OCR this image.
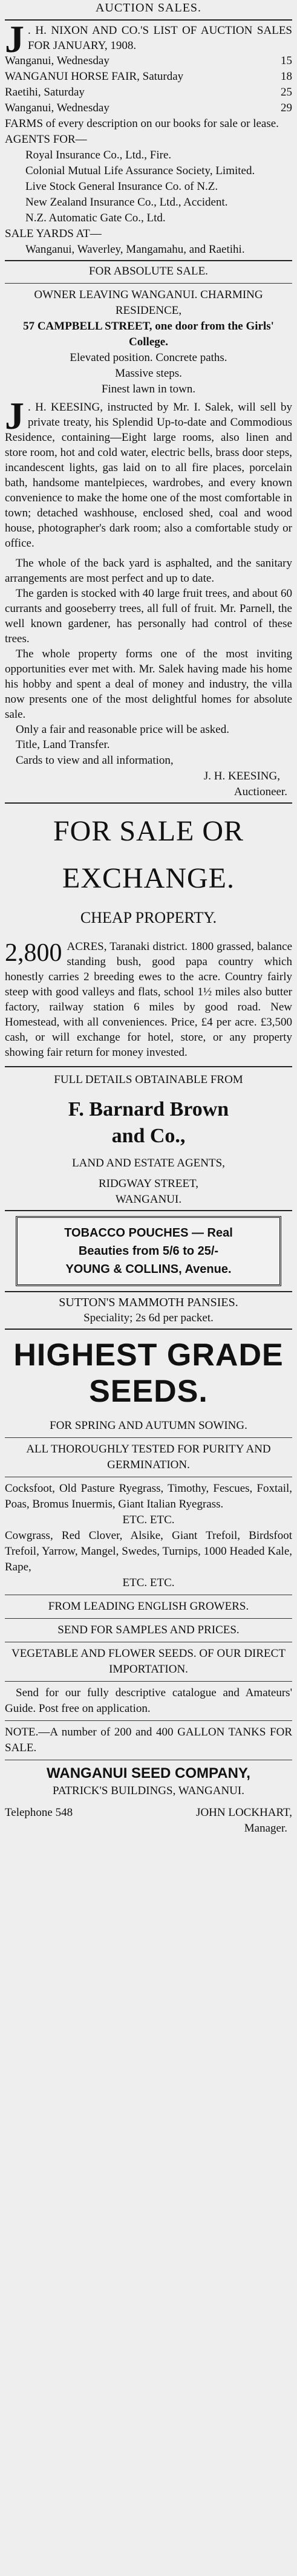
AUCTION SALES.

J . H. NIXON AND CO.'S LIST OF AUCTION SALES FOR JANUARY, 1908.

Wanganui, Wednesday	15
WANGANUI HORSE FAIR, Saturday	18
Raetihi, Saturday	25
Wanganui, Wednesday	29

FARMS of every description on our books for sale or lease.

AGENTS FOR—

Royal Insurance Co., Ltd., Fire.

Colonial Mutual Life Assurance Society, Limited.

Live Stock General Insurance Co. of N.Z.

New Zealand Insurance Co., Ltd., Accident.

N.Z. Automatic Gate Co., Ltd.

SALE YARDS AT—

Wanganui, Waverley, Mangamahu, and Raetihi.

FOR ABSOLUTE SALE.

OWNER LEAVING WANGANUI. CHARMING RESIDENCE,

57 CAMPBELL STREET, one door from the Girls' College.

Elevated position. Concrete paths.

Massive steps.

Finest lawn in town.

J . H. KEESING, instructed by Mr. I. Salek, will sell by private treaty, his Splendid Up-to-date and Commodious Residence, containing—Eight large rooms, also linen and store room, hot and cold water, electric bells, brass door steps, incandescent lights, gas laid on to all fire places, porcelain bath, handsome mantelpieces, wardrobes, and every known convenience to make the home one of the most comfortable in town; detached washhouse, enclosed shed, coal and wood house, photographer's dark room; also a comfortable study or office.

The whole of the back yard is asphalted, and the sanitary arrangements are most perfect and up to date.

The garden is stocked with 40 large fruit trees, and about 60 currants and gooseberry trees, all full of fruit. Mr. Parnell, the well known gardener, has personally had control of these trees.

The whole property forms one of the most inviting opportunities ever met with. Mr. Salek having made his home his hobby and spent a deal of money and industry, the villa now presents one of the most delightful homes for absolute sale.

Only a fair and reasonable price will be asked.

Title, Land Transfer.

Cards to view and all information,

J. H. KEESING,
Auctioneer.
FOR SALE OR
EXCHANGE.
CHEAP PROPERTY.

2,800 ACRES, Taranaki district. 1800 grassed, balance standing bush, good papa country which honestly carries 2 breeding ewes to the acre. Country fairly steep with good valleys and flats, school 1½ miles also butter factory, railway station 6 miles by good road. New Homestead, with all conveniences. Price, £4 per acre. £3,500 cash, or will exchange for hotel, store, or any property showing fair return for money invested.

FULL DETAILS OBTAINABLE FROM

F. Barnard Brown
and Co.,

LAND AND ESTATE AGENTS,

RIDGWAY STREET,

WANGANUI.

TOBACCO POUCHES — Real
Beauties from 5/6 to 25/-
YOUNG & COLLINS, Avenue.

SUTTON'S MAMMOTH PANSIES.

Speciality; 2s 6d per packet.

HIGHEST GRADE
SEEDS.

FOR SPRING AND AUTUMN SOWING.

ALL THOROUGHLY TESTED FOR PURITY AND GERMINATION.

Cocksfoot, Old Pasture Ryegrass, Timothy, Fescues, Foxtail, Poas, Bromus Inuermis, Giant Italian Ryegrass.

ETC. ETC.

Cowgrass, Red Clover, Alsike, Giant Trefoil, Birdsfoot Trefoil, Yarrow, Mangel, Swedes, Turnips, 1000 Headed Kale, Rape,

ETC. ETC.

FROM LEADING ENGLISH GROWERS.

SEND FOR SAMPLES AND PRICES.

VEGETABLE AND FLOWER SEEDS. OF OUR DIRECT IMPORTATION.

Send for our fully descriptive catalogue and Amateurs' Guide. Post free on application.

NOTE.—A number of 200 and 400 GALLON TANKS FOR SALE.

WANGANUI SEED COMPANY,

PATRICK'S BUILDINGS, WANGANUI.

Telephone 548	JOHN LOCKHART,
Manager.
